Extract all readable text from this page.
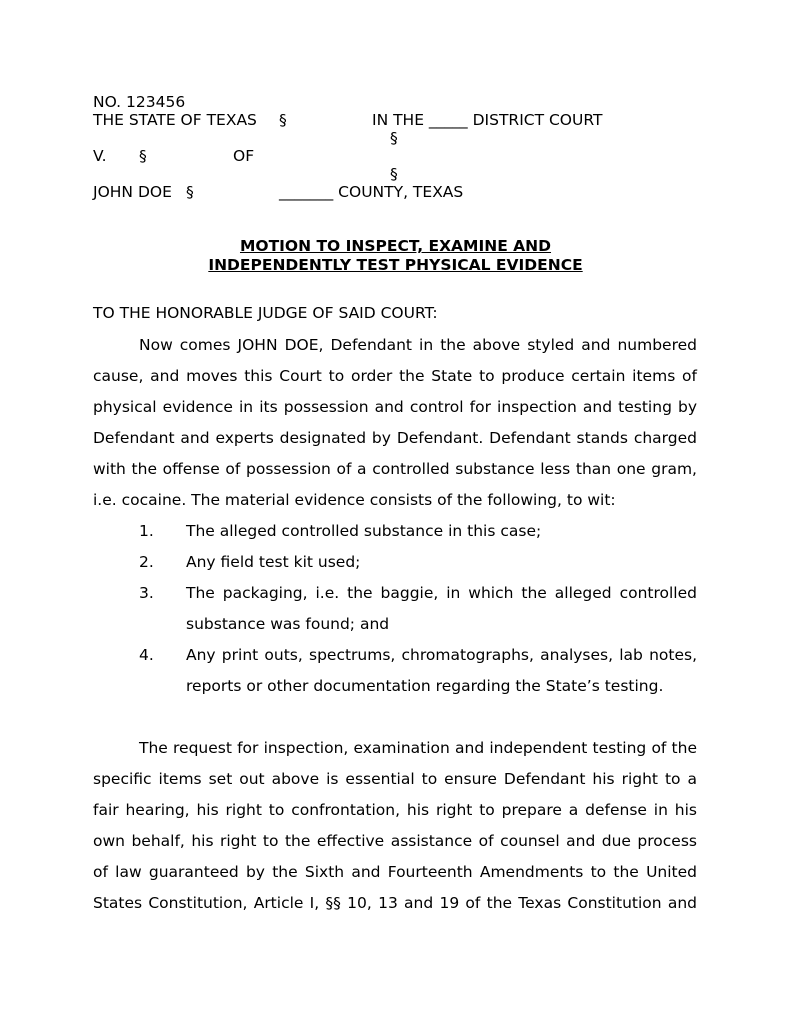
NO. 123456
THE STATE OF TEXAS §	IN THE _____ DISTRICT COURT
§
V. §	OF
§
JOHN DOE §	_______ COUNTY, TEXAS
MOTION TO INSPECT, EXAMINE AND
INDEPENDENTLY TEST PHYSICAL EVIDENCE
TO THE HONORABLE JUDGE OF SAID COURT:
Now comes JOHN DOE, Defendant in the above styled and numbered
cause, and moves this Court to order the State to produce certain items of
physical evidence in its possession and control for inspection and testing by
Defendant and experts designated by Defendant. Defendant stands charged
with the offense of possession of a controlled substance less than one gram,
i.e. cocaine. The material evidence consists of the following, to wit:
1. The alleged controlled substance in this case;
2. Any field test kit used;
3. The packaging, i.e. the baggie, in which the alleged controlled
substance was found; and
4. Any print outs, spectrums, chromatographs, analyses, lab notes,
reports or other documentation regarding the State’s testing.
The request for inspection, examination and independent testing of the
specific items set out above is essential to ensure Defendant his right to a
fair hearing, his right to confrontation, his right to prepare a defense in his
own behalf, his right to the effective assistance of counsel and due process
of law guaranteed by the Sixth and Fourteenth Amendments to the United
States Constitution, Article I, §§ 10, 13 and 19 of the Texas Constitution and
